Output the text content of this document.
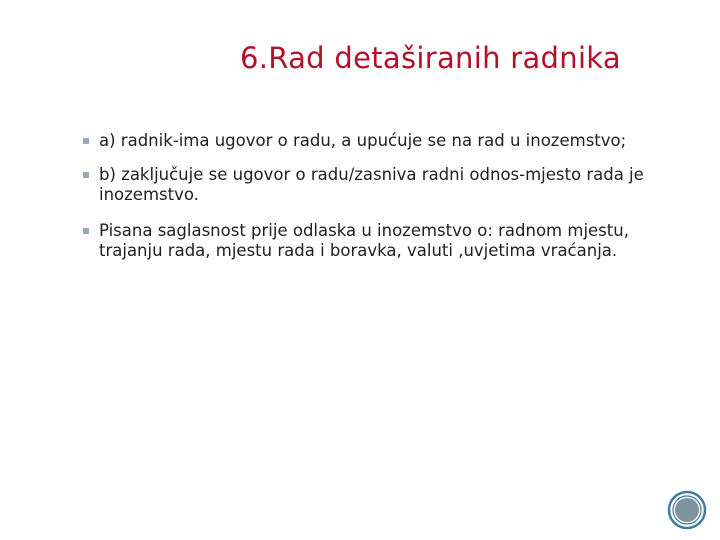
6.Rad detaširanih radnika
a) radnik-ima ugovor o radu, a upućuje se na rad u inozemstvo;
b) zaključuje se ugovor o radu/zasniva radni odnos-mjesto rada je inozemstvo.
Pisana saglasnost prije odlaska u inozemstvo o: radnom mjestu, trajanju rada, mjestu rada i boravka, valuti ,uvjetima vraćanja.
